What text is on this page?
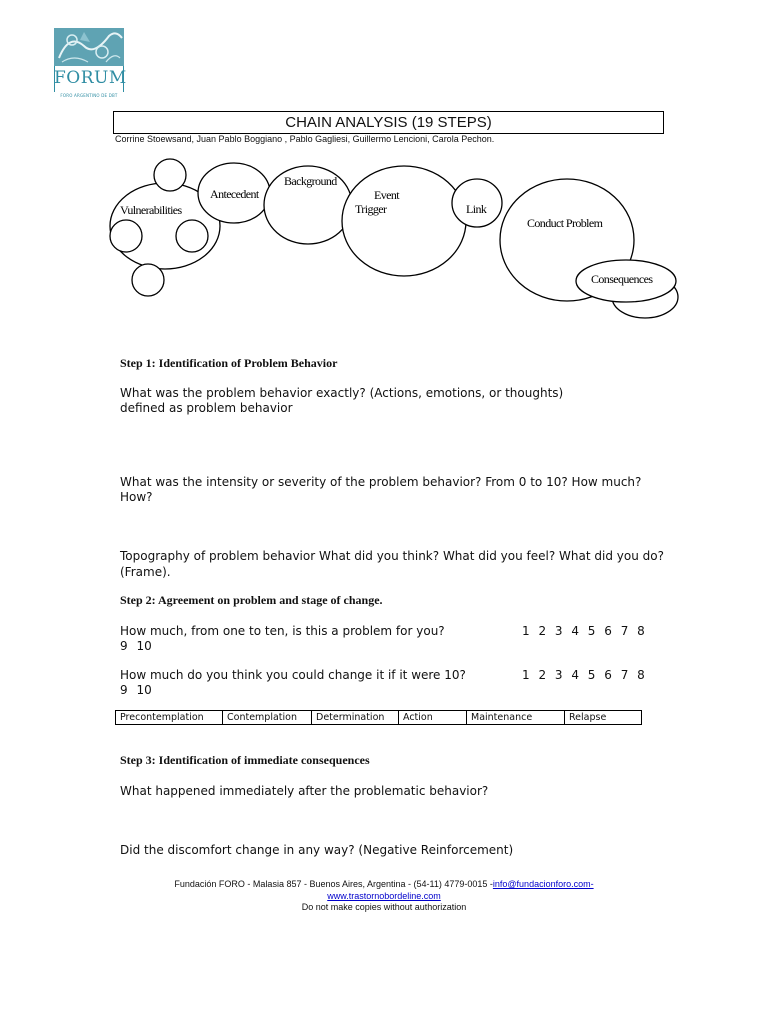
FORUM
FORO ARGENTINO DE DBT
CHAIN ANALYSIS (19 STEPS)
Corrine Stoewsand, Juan Pablo Boggiano , Pablo Gagliesi, Guillermo Lencioni, Carola Pechon.
Vulnerabilities
Antecedent
Background
Event
Trigger	Link
Conduct Problem
Consequences
Step 1: Identification of Problem Behavior
What was the problem behavior exactly? (Actions, emotions, or thoughts)
defined as problem behavior
What was the intensity or severity of the problem behavior? From 0 to 10? How much?
How?
Topography of problem behavior What did you think? What did you feel? What did you do?
(Frame).
Step 2: Agreement on problem and stage of change.
How much, from one to ten, is this a problem for you?	1 2 3 4 5 6 7 8
9 10
How much do you think you could change it if it were 10?	1 2 3 4 5 6 7 8
9 10
Precontemplation	Contemplation	Determination	Action	Maintenance	Relapse
Step 3: Identification of immediate consequences
What happened immediately after the problematic behavior?
Did the discomfort change in any way? (Negative Reinforcement)
Fundación FORO - Malasia 857 - Buenos Aires, Argentina - (54-11) 4779-0015 -info@fundacionforo.com-
www.trastornobordeline.com
Do not make copies without authorization
